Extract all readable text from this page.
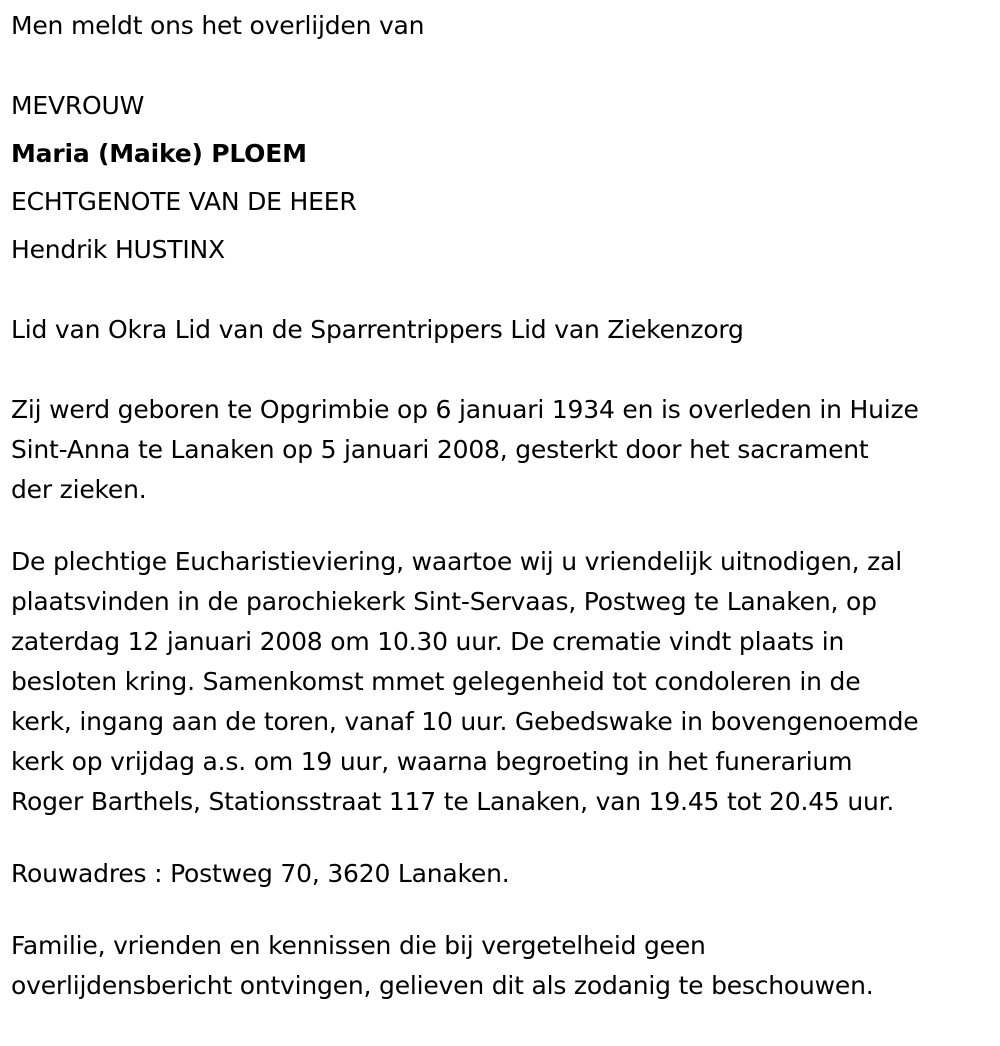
Men meldt ons het overlijden van

MEVROUW

Maria (Maike) PLOEM

ECHTGENOTE VAN DE HEER

Hendrik HUSTINX

Lid van Okra Lid van de Sparrentrippers Lid van Ziekenzorg

Zij werd geboren te Opgrimbie op 6 januari 1934 en is overleden in Huize
Sint-Anna te Lanaken op 5 januari 2008, gesterkt door het sacrament
der zieken.
De plechtige Eucharistieviering, waartoe wij u vriendelijk uitnodigen, zal
plaatsvinden in de parochiekerk Sint-Servaas, Postweg te Lanaken, op
zaterdag 12 januari 2008 om 10.30 uur. De crematie vindt plaats in
besloten kring. Samenkomst mmet gelegenheid tot condoleren in de
kerk, ingang aan de toren, vanaf 10 uur. Gebedswake in bovengenoemde
kerk op vrijdag a.s. om 19 uur, waarna begroeting in het funerarium
Roger Barthels, Stationsstraat 117 te Lanaken, van 19.45 tot 20.45 uur.
Rouwadres : Postweg 70, 3620 Lanaken.
Familie, vrienden en kennissen die bij vergetelheid geen
overlijdensbericht ontvingen, gelieven dit als zodanig te beschouwen.
